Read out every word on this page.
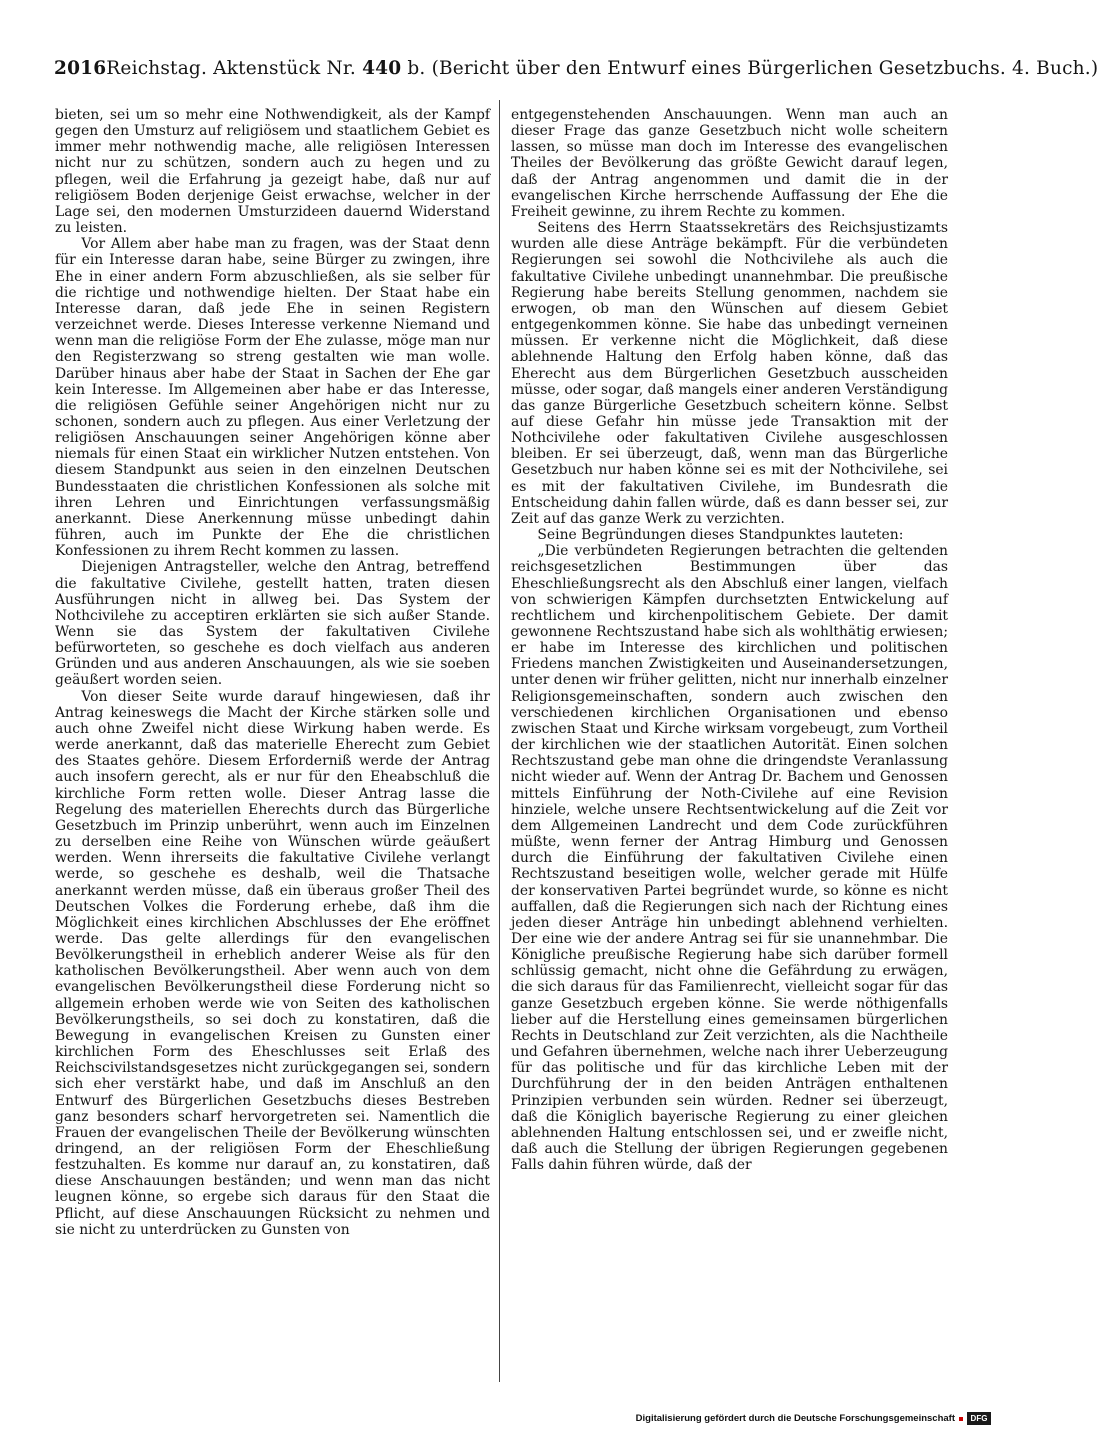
2016 Reichstag. Aktenstück Nr. 440 b. (Bericht über den Entwurf eines Bürgerlichen Gesetzbuchs. 4. Buch.)

bieten, sei um so mehr eine Nothwendigkeit, als der Kampf gegen den Umsturz auf religiösem und staatlichem Gebiet es immer mehr nothwendig mache, alle religiösen Interessen nicht nur zu schützen, sondern auch zu hegen und zu pflegen, weil die Erfahrung ja gezeigt habe, daß nur auf religiösem Boden derjenige Geist erwachse, welcher in der Lage sei, den modernen Umsturzideen dauernd Widerstand zu leisten.

Vor Allem aber habe man zu fragen, was der Staat denn für ein Interesse daran habe, seine Bürger zu zwingen, ihre Ehe in einer andern Form abzuschließen, als sie selber für die richtige und nothwendige hielten. Der Staat habe ein Interesse daran, daß jede Ehe in seinen Registern verzeichnet werde. Dieses Interesse verkenne Niemand und wenn man die religiöse Form der Ehe zulasse, möge man nur den Registerzwang so streng gestalten wie man wolle. Darüber hinaus aber habe der Staat in Sachen der Ehe gar kein Interesse. Im Allgemeinen aber habe er das Interesse, die religiösen Gefühle seiner Angehörigen nicht nur zu schonen, sondern auch zu pflegen. Aus einer Verletzung der religiösen Anschauungen seiner Angehörigen könne aber niemals für einen Staat ein wirklicher Nutzen entstehen. Von diesem Standpunkt aus seien in den einzelnen Deutschen Bundesstaaten die christlichen Konfessionen als solche mit ihren Lehren und Einrichtungen verfassungsmäßig anerkannt. Diese Anerkennung müsse unbedingt dahin führen, auch im Punkte der Ehe die christlichen Konfessionen zu ihrem Recht kommen zu lassen.

Diejenigen Antragsteller, welche den Antrag, betreffend die fakultative Civilehe, gestellt hatten, traten diesen Ausführungen nicht in allweg bei. Das System der Nothcivilehe zu acceptiren erklärten sie sich außer Stande. Wenn sie das System der fakultativen Civilehe befürworteten, so geschehe es doch vielfach aus anderen Gründen und aus anderen Anschauungen, als wie sie soeben geäußert worden seien.

Von dieser Seite wurde darauf hingewiesen, daß ihr Antrag keineswegs die Macht der Kirche stärken solle und auch ohne Zweifel nicht diese Wirkung haben werde. Es werde anerkannt, daß das materielle Eherecht zum Gebiet des Staates gehöre. Diesem Erforderniß werde der Antrag auch insofern gerecht, als er nur für den Eheabschluß die kirchliche Form retten wolle. Dieser Antrag lasse die Regelung des materiellen Eherechts durch das Bürgerliche Gesetzbuch im Prinzip unberührt, wenn auch im Einzelnen zu derselben eine Reihe von Wünschen würde geäußert werden. Wenn ihrerseits die fakultative Civilehe verlangt werde, so geschehe es deshalb, weil die Thatsache anerkannt werden müsse, daß ein überaus großer Theil des Deutschen Volkes die Forderung erhebe, daß ihm die Möglichkeit eines kirchlichen Abschlusses der Ehe eröffnet werde. Das gelte allerdings für den evangelischen Bevölkerungstheil in erheblich anderer Weise als für den katholischen Bevölkerungstheil. Aber wenn auch von dem evangelischen Bevölkerungstheil diese Forderung nicht so allgemein erhoben werde wie von Seiten des katholischen Bevölkerungstheils, so sei doch zu konstatiren, daß die Bewegung in evangelischen Kreisen zu Gunsten einer kirchlichen Form des Eheschlusses seit Erlaß des Reichscivilstandsgesetzes nicht zurückgegangen sei, sondern sich eher verstärkt habe, und daß im Anschluß an den Entwurf des Bürgerlichen Gesetzbuchs dieses Bestreben ganz besonders scharf hervorgetreten sei. Namentlich die Frauen der evangelischen Theile der Bevölkerung wünschten dringend, an der religiösen Form der Eheschließung festzuhalten. Es komme nur darauf an, zu konstatiren, daß diese Anschauungen beständen; und wenn man das nicht leugnen könne, so ergebe sich daraus für den Staat die Pflicht, auf diese Anschauungen Rücksicht zu nehmen und sie nicht zu unterdrücken zu Gunsten von

entgegenstehenden Anschauungen. Wenn man auch an dieser Frage das ganze Gesetzbuch nicht wolle scheitern lassen, so müsse man doch im Interesse des evangelischen Theiles der Bevölkerung das größte Gewicht darauf legen, daß der Antrag angenommen und damit die in der evangelischen Kirche herrschende Auffassung der Ehe die Freiheit gewinne, zu ihrem Rechte zu kommen.

Seitens des Herrn Staatssekretärs des Reichsjustizamts wurden alle diese Anträge bekämpft. Für die verbündeten Regierungen sei sowohl die Nothcivilehe als auch die fakultative Civilehe unbedingt unannehmbar. Die preußische Regierung habe bereits Stellung genommen, nachdem sie erwogen, ob man den Wünschen auf diesem Gebiet entgegenkommen könne. Sie habe das unbedingt verneinen müssen. Er verkenne nicht die Möglichkeit, daß diese ablehnende Haltung den Erfolg haben könne, daß das Eherecht aus dem Bürgerlichen Gesetzbuch ausscheiden müsse, oder sogar, daß mangels einer anderen Verständigung das ganze Bürgerliche Gesetzbuch scheitern könne. Selbst auf diese Gefahr hin müsse jede Transaktion mit der Nothcivilehe oder fakultativen Civilehe ausgeschlossen bleiben. Er sei überzeugt, daß, wenn man das Bürgerliche Gesetzbuch nur haben könne sei es mit der Nothcivilehe, sei es mit der fakultativen Civilehe, im Bundesrath die Entscheidung dahin fallen würde, daß es dann besser sei, zur Zeit auf das ganze Werk zu verzichten.

Seine Begründungen dieses Standpunktes lauteten:

„Die verbündeten Regierungen betrachten die geltenden reichsgesetzlichen Bestimmungen über das Eheschließungsrecht als den Abschluß einer langen, vielfach von schwierigen Kämpfen durchsetzten Entwickelung auf rechtlichem und kirchenpolitischem Gebiete. Der damit gewonnene Rechtszustand habe sich als wohlthätig erwiesen; er habe im Interesse des kirchlichen und politischen Friedens manchen Zwistigkeiten und Auseinandersetzungen, unter denen wir früher gelitten, nicht nur innerhalb einzelner Religionsgemeinschaften, sondern auch zwischen den verschiedenen kirchlichen Organisationen und ebenso zwischen Staat und Kirche wirksam vorgebeugt, zum Vortheil der kirchlichen wie der staatlichen Autorität. Einen solchen Rechtszustand gebe man ohne die dringendste Veranlassung nicht wieder auf. Wenn der Antrag Dr. Bachem und Genossen mittels Einführung der Noth-Civilehe auf eine Revision hinziele, welche unsere Rechtsentwickelung auf die Zeit vor dem Allgemeinen Landrecht und dem Code zurückführen müßte, wenn ferner der Antrag Himburg und Genossen durch die Einführung der fakultativen Civilehe einen Rechtszustand beseitigen wolle, welcher gerade mit Hülfe der konservativen Partei begründet wurde, so könne es nicht auffallen, daß die Regierungen sich nach der Richtung eines jeden dieser Anträge hin unbedingt ablehnend verhielten. Der eine wie der andere Antrag sei für sie unannehmbar. Die Königliche preußische Regierung habe sich darüber formell schlüssig gemacht, nicht ohne die Gefährdung zu erwägen, die sich daraus für das Familienrecht, vielleicht sogar für das ganze Gesetzbuch ergeben könne. Sie werde nöthigenfalls lieber auf die Herstellung eines gemeinsamen bürgerlichen Rechts in Deutschland zur Zeit verzichten, als die Nachtheile und Gefahren übernehmen, welche nach ihrer Ueberzeugung für das politische und für das kirchliche Leben mit der Durchführung der in den beiden Anträgen enthaltenen Prinzipien verbunden sein würden. Redner sei überzeugt, daß die Königlich bayerische Regierung zu einer gleichen ablehnenden Haltung entschlossen sei, und er zweifle nicht, daß auch die Stellung der übrigen Regierungen gegebenen Falls dahin führen würde, daß der

Digitalisierung gefördert durch die Deutsche Forschungsgemeinschaft	DFG
